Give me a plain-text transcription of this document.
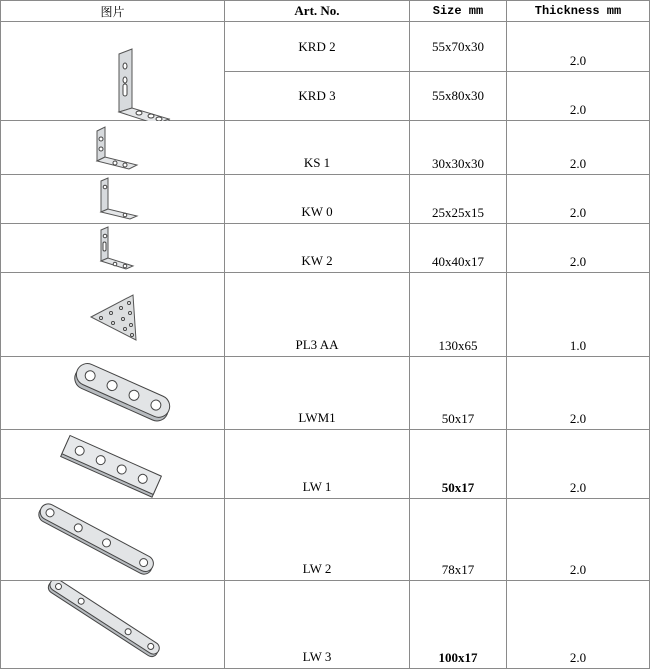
图片	Art. No.	Size mm	Thickness mm

	KRD 2	55x70x30	2.0
	KRD 3	55x80x30	2.0

	KS 1	30x30x30	2.0

	KW 0	25x25x15	2.0

	KW 2	40x40x17	2.0

	PL3 AA	130x65	1.0

	LWM1	50x17	2.0

	LW 1	50x17	2.0

	LW 2	78x17	2.0

	LW 3	100x17	2.0
